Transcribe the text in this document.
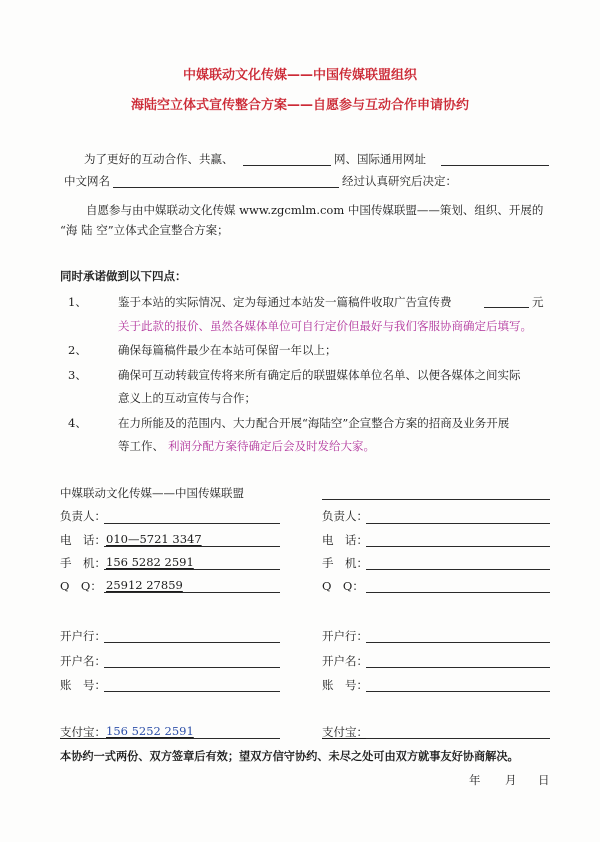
中媒联动文化传媒——中国传媒联盟组织
海陆空立体式宣传整合方案——自愿参与互动合作申请协约
为了更好的互动合作、共赢、	网、国际通用网址
中文网名	经过认真研究后决定：
自愿参与由中媒联动文化传媒 www.zgcmlm.com 中国传媒联盟——策划、组织、开展的
“海 陆 空”立体式企宣整合方案；
同时承诺做到以下四点：
1、	鉴于本站的实际情况、定为每通过本站发一篇稿件收取广告宣传费	元
关于此款的报价、虽然各媒体单位可自行定价但最好与我们客服协商确定后填写。
2、	确保每篇稿件最少在本站可保留一年以上；
3、	确保可互动转载宣传将来所有确定后的联盟媒体单位名单、以便各媒体之间实际
意义上的互动宣传与合作；
4、	在力所能及的范围内、大力配合开展“海陆空”企宣整合方案的招商及业务开展
等工作、 利润分配方案待确定后会及时发给大家。
中媒联动文化传媒——中国传媒联盟
负责人：	负责人：
电　话： 010—5721 3347	电　话：
手　机： 156 5282 2591	手　机：
Q　Q： 25912 27859	Q　Q：
开户行：	开户行：
开户名：	开户名：
账　号：	账　号：
支付宝： 156 5252 2591	支付宝：
本协约一式两份、双方签章后有效；望双方信守协约、未尽之处可由双方就事友好协商解决。
年 月 日
